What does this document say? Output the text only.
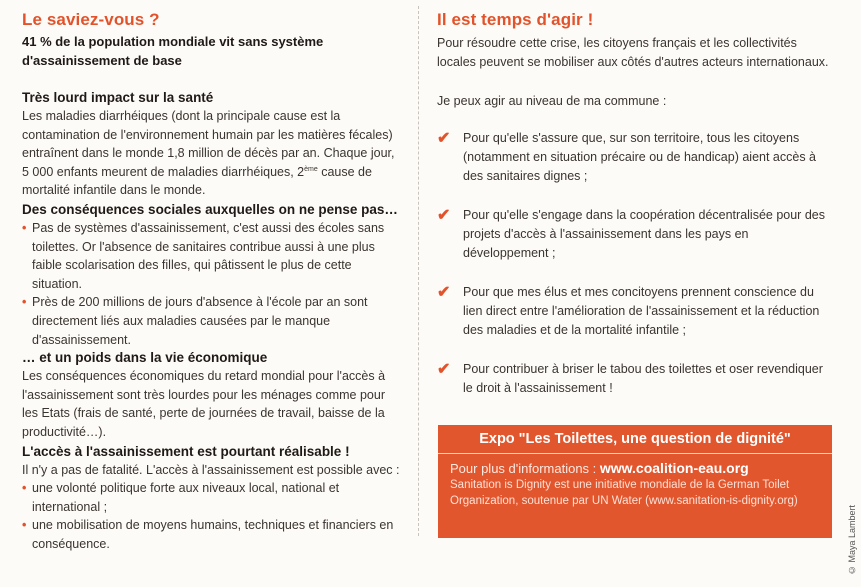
Le saviez-vous ?
41 % de la population mondiale vit sans système d'assainissement de base
Très lourd impact sur la santé
Les maladies diarrhéiques (dont la principale cause est la contamination de l'environnement humain par les matières fécales) entraînent dans le monde 1,8 million de décès par an. Chaque jour, 5 000 enfants meurent de maladies diarrhéiques, 2ème cause de mortalité infantile dans le monde.
Des conséquences sociales auxquelles on ne pense pas…
• Pas de systèmes d'assainissement, c'est aussi des écoles sans toilettes. Or l'absence de sanitaires contribue aussi à une plus faible scolarisation des filles, qui pâtissent le plus de cette situation.
• Près de 200 millions de jours d'absence à l'école par an sont directement liés aux maladies causées par le manque d'assainissement.
… et un poids dans la vie économique
Les conséquences économiques du retard mondial pour l'accès à l'assainissement sont très lourdes pour les ménages comme pour les Etats (frais de santé, perte de journées de travail, baisse de la productivité…).
L'accès à l'assainissement est pourtant réalisable !
Il n'y a pas de fatalité. L'accès à l'assainissement est possible avec :
• une volonté politique forte aux niveaux local, national et international ;
• une mobilisation de moyens humains, techniques et financiers en conséquence.
Il est temps d'agir !
Pour résoudre cette crise, les citoyens français et les collectivités locales peuvent se mobiliser aux côtés d'autres acteurs internationaux.
Je peux agir au niveau de ma commune :
✔ Pour qu'elle s'assure que, sur son territoire, tous les citoyens (notamment en situation précaire ou de handicap) aient accès à des sanitaires dignes ;
✔ Pour qu'elle s'engage dans la coopération décentralisée pour des projets d'accès à l'assainissement dans les pays en développement ;
✔ Pour que mes élus et mes concitoyens prennent conscience du lien direct entre l'amélioration de l'assainissement et la réduction des maladies et de la mortalité infantile ;
✔ Pour contribuer à briser le tabou des toilettes et oser revendiquer le droit à l'assainissement !
Expo "Les Toilettes, une question de dignité"
Pour plus d'informations : www.coalition-eau.org
Sanitation is Dignity est une initiative mondiale de la German Toilet Organization, soutenue par UN Water (www.sanitation-is-dignity.org)
© Maya Lambert
